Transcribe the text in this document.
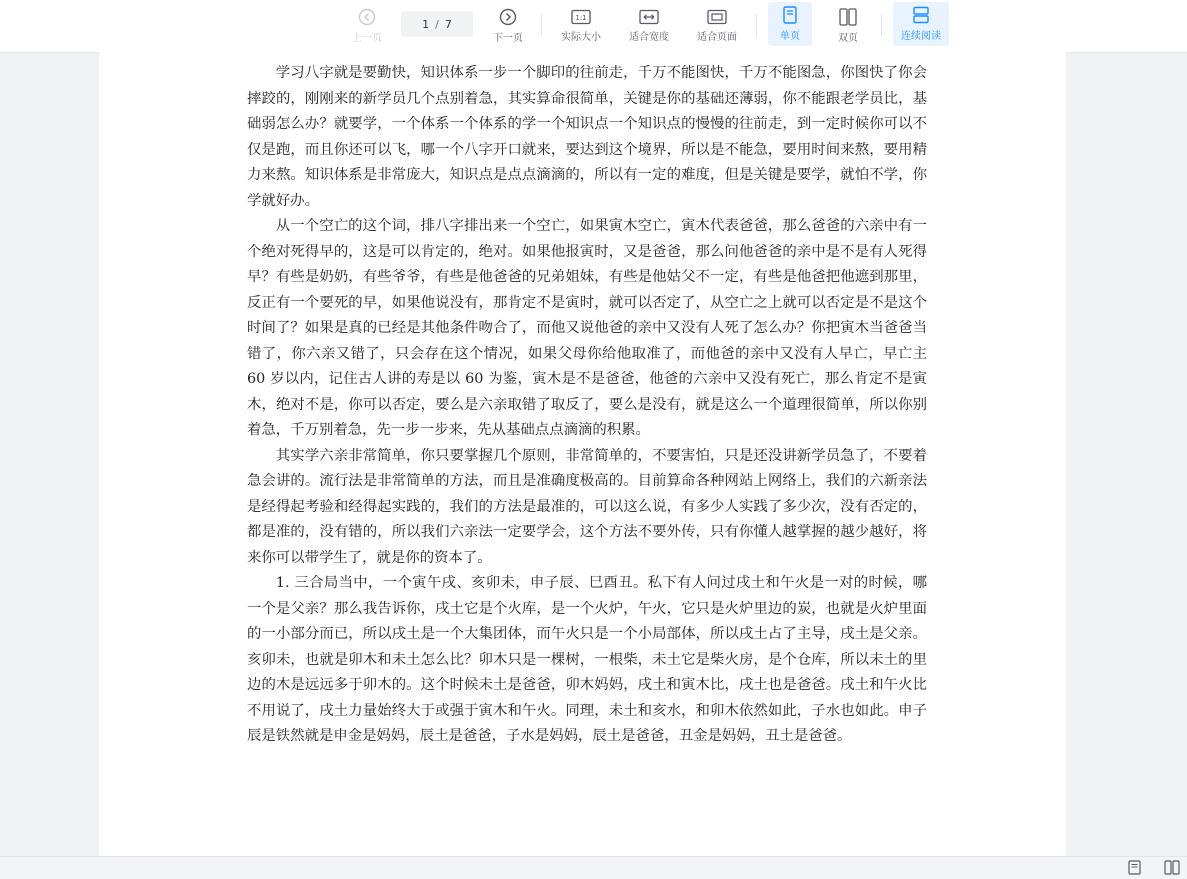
上一页
1 / 7
下一页
1:1
实际大小	适合宽度	适合页面	单页	双页	连续阅读

学习八字就是要勤快，知识体系一步一个脚印的往前走，千万不能图快，千万不能图急，你图快了你会摔跤的，刚刚来的新学员几个点别着急，其实算命很简单，关键是你的基础还薄弱，你不能跟老学员比，基础弱怎么办？就要学，一个体系一个体系的学一个知识点一个知识点的慢慢的往前走，到一定时候你可以不仅是跑，而且你还可以飞，哪一个八字开口就来，要达到这个境界，所以是不能急，要用时间来熬，要用精力来熬。知识体系是非常庞大，知识点是点点滴滴的，所以有一定的难度，但是关键是要学，就怕不学，你学就好办。

从一个空亡的这个词，排八字排出来一个空亡，如果寅木空亡，寅木代表爸爸，那么爸爸的六亲中有一个绝对死得早的，这是可以肯定的，绝对。如果他报寅时，又是爸爸，那么问他爸爸的亲中是不是有人死得早？有些是奶奶，有些爷爷，有些是他爸爸的兄弟姐妹，有些是他姑父不一定，有些是他爸把他遮到那里，反正有一个要死的早，如果他说没有，那肯定不是寅时，就可以否定了，从空亡之上就可以否定是不是这个时间了？如果是真的已经是其他条件吻合了，而他又说他爸的亲中又没有人死了怎么办？你把寅木当爸爸当错了，你六亲又错了，只会存在这个情况，如果父母你给他取准了，而他爸的亲中又没有人早亡，早亡主 60 岁以内，记住古人讲的寿是以 60 为鉴，寅木是不是爸爸，他爸的六亲中又没有死亡，那么肯定不是寅木，绝对不是，你可以否定，要么是六亲取错了取反了，要么是没有，就是这么一个道理很简单，所以你别着急，千万别着急，先一步一步来，先从基础点点滴滴的积累。

其实学六亲非常简单，你只要掌握几个原则，非常简单的，不要害怕，只是还没讲新学员急了，不要着急会讲的。流行法是非常简单的方法，而且是准确度极高的。目前算命各种网站上网络上，我们的六新亲法是经得起考验和经得起实践的，我们的方法是最准的，可以这么说，有多少人实践了多少次，没有否定的，都是准的，没有错的，所以我们六亲法一定要学会，这个方法不要外传，只有你懂人越掌握的越少越好，将来你可以带学生了，就是你的资本了。

1. 三合局当中，一个寅午戌、亥卯未，申子辰、巳酉丑。私下有人问过戌土和午火是一对的时候，哪一个是父亲？那么我告诉你，戌土它是个火库，是一个火炉，午火，它只是火炉里边的炭，也就是火炉里面的一小部分而已，所以戌土是一个大集团体，而午火只是一个小局部体，所以戌土占了主导，戌土是父亲。亥卯未，也就是卯木和未土怎么比？卯木只是一棵树，一根柴，未土它是柴火房，是个仓库，所以未土的里边的木是远远多于卯木的。这个时候未土是爸爸，卯木妈妈，戌土和寅木比，戌土也是爸爸。戌土和午火比不用说了，戌土力量始终大于或强于寅木和午火。同理，未土和亥水，和卯木依然如此，子水也如此。申子辰是铁然就是申金是妈妈，辰土是爸爸，子水是妈妈，辰土是爸爸，丑金是妈妈，丑土是爸爸。
